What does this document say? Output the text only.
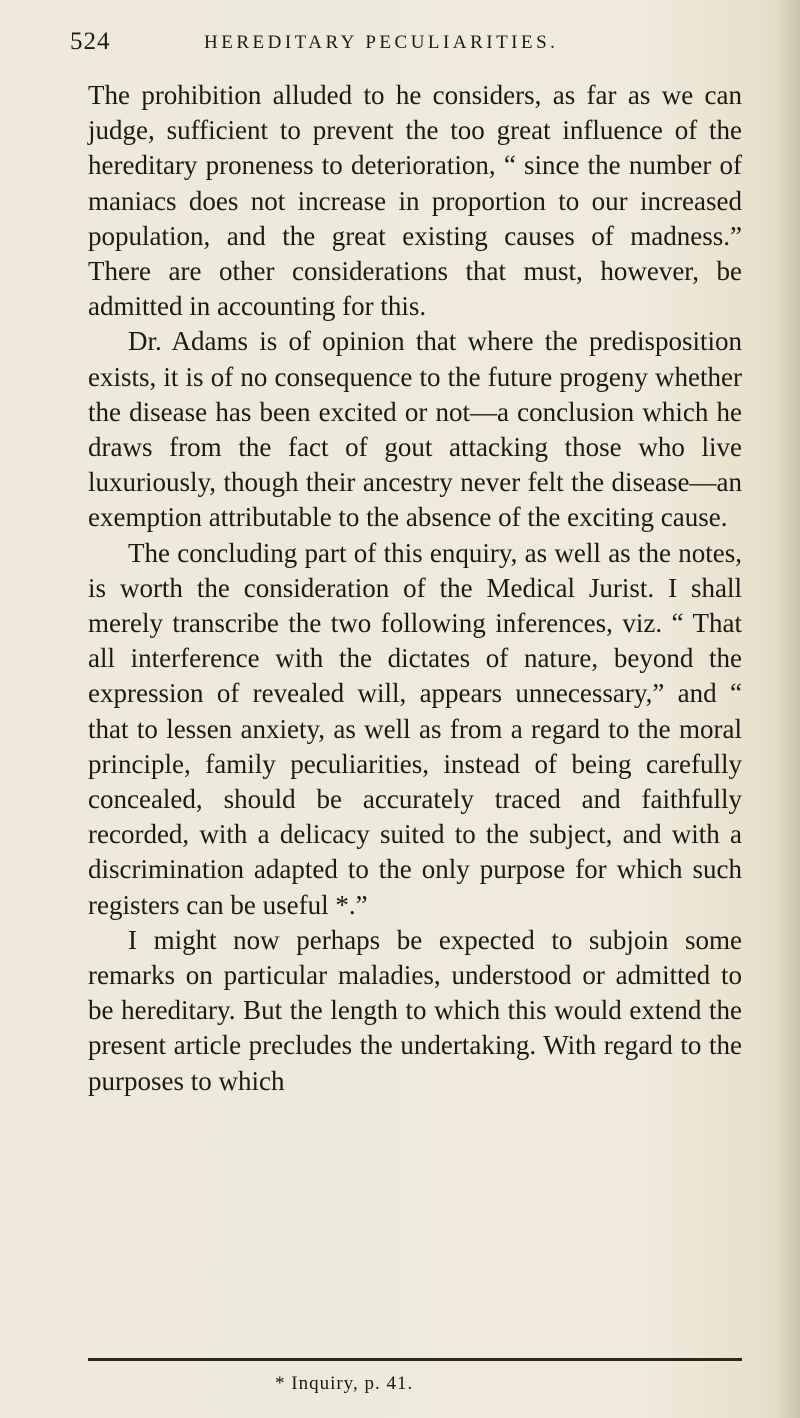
524	HEREDITARY PECULIARITIES.

The prohibition alluded to he considers, as far as we can judge, sufficient to prevent the too great influence of the hereditary proneness to deterioration, “ since the number of maniacs does not increase in proportion to our increased population, and the great existing causes of madness.” There are other considerations that must, however, be admitted in accounting for this.

Dr. Adams is of opinion that where the predisposition exists, it is of no consequence to the future progeny whether the disease has been excited or not—a conclusion which he draws from the fact of gout attacking those who live luxuriously, though their ancestry never felt the disease—an exemption attributable to the absence of the exciting cause.

The concluding part of this enquiry, as well as the notes, is worth the consideration of the Medical Jurist. I shall merely transcribe the two following inferences, viz. “ That all interference with the dictates of nature, beyond the expression of revealed will, appears unnecessary,” and “ that to lessen anxiety, as well as from a regard to the moral principle, family peculiarities, instead of being carefully concealed, should be accurately traced and faithfully recorded, with a delicacy suited to the subject, and with a discrimination adapted to the only purpose for which such registers can be useful *.”

I might now perhaps be expected to subjoin some remarks on particular maladies, understood or admitted to be hereditary. But the length to which this would extend the present article precludes the undertaking. With regard to the purposes to which

* Inquiry, p. 41.
